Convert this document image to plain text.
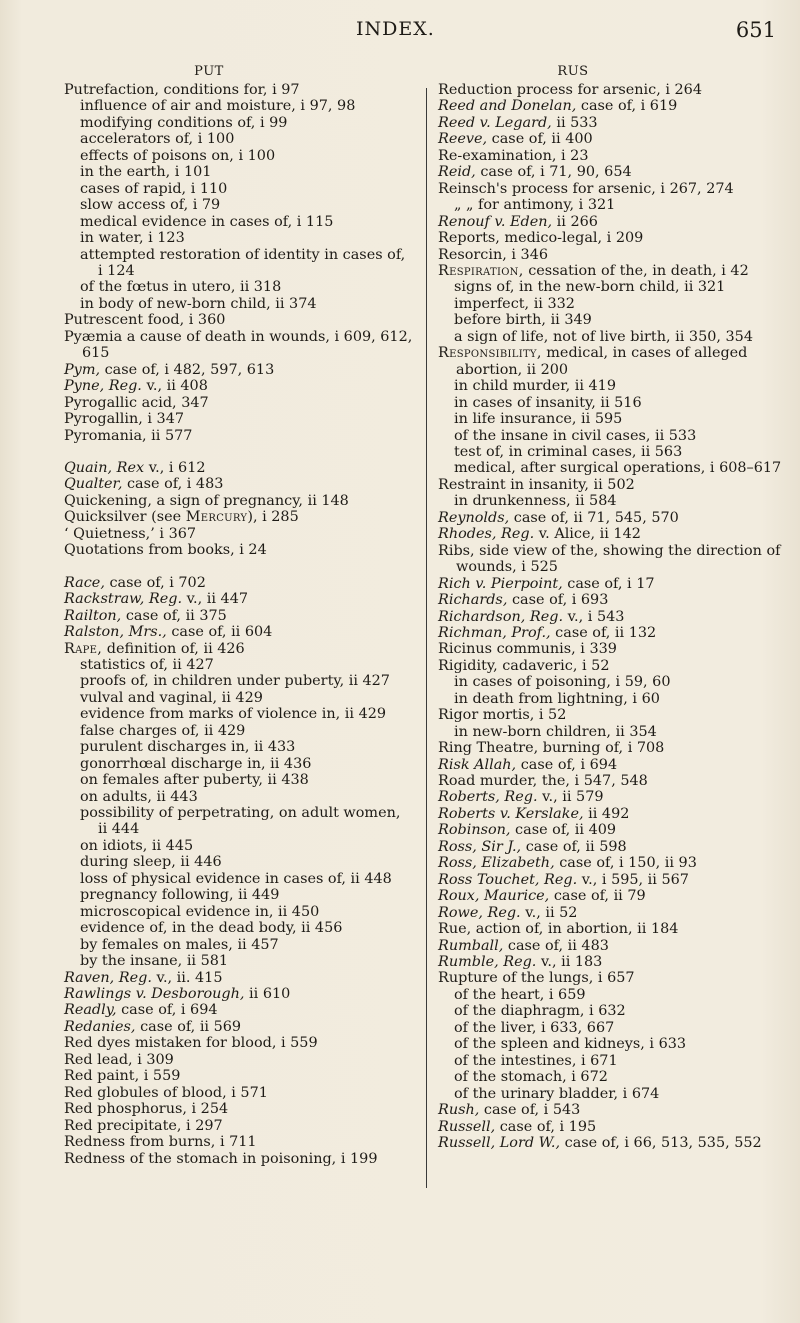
INDEX.	651
PUT
Putrefaction, conditions for, i 97
influence of air and moisture, i 97, 98
modifying conditions of, i 99
accelerators of, i 100
effects of poisons on, i 100
in the earth, i 101
cases of rapid, i 110
slow access of, i 79
medical evidence in cases of, i 115
in water, i 123
attempted restoration of identity in cases of, i 124
of the fœtus in utero, ii 318
in body of new-born child, ii 374
Putrescent food, i 360
Pyæmia a cause of death in wounds, i 609, 612, 615
Pym, case of, i 482, 597, 613
Pyne, Reg. v., ii 408
Pyrogallic acid, 347
Pyrogallin, i 347
Pyromania, ii 577
Quain, Rex v., i 612
Qualter, case of, i 483
Quickening, a sign of pregnancy, ii 148
Quicksilver (see Mercury), i 285
‘ Quietness,’ i 367
Quotations from books, i 24
Race, case of, i 702
Rackstraw, Reg. v., ii 447
Railton, case of, ii 375
Ralston, Mrs., case of, ii 604
Rape, definition of, ii 426
statistics of, ii 427
proofs of, in children under puberty, ii 427
vulval and vaginal, ii 429
evidence from marks of violence in, ii 429
false charges of, ii 429
purulent discharges in, ii 433
gonorrhœal discharge in, ii 436
on females after puberty, ii 438
on adults, ii 443
possibility of perpetrating, on adult women, ii 444
on idiots, ii 445
during sleep, ii 446
loss of physical evidence in cases of, ii 448
pregnancy following, ii 449
microscopical evidence in, ii 450
evidence of, in the dead body, ii 456
by females on males, ii 457
by the insane, ii 581
Raven, Reg. v., ii. 415
Rawlings v. Desborough, ii 610
Readly, case of, i 694
Redanies, case of, ii 569
Red dyes mistaken for blood, i 559
Red lead, i 309
Red paint, i 559
Red globules of blood, i 571
Red phosphorus, i 254
Red precipitate, i 297
Redness from burns, i 711
Redness of the stomach in poisoning, i 199
RUS
Reduction process for arsenic, i 264
Reed and Donelan, case of, i 619
Reed v. Legard, ii 533
Reeve, case of, ii 400
Re-examination, i 23
Reid, case of, i 71, 90, 654
Reinsch's process for arsenic, i 267, 274
„ „ for antimony, i 321
Renouf v. Eden, ii 266
Reports, medico-legal, i 209
Resorcin, i 346
Respiration, cessation of the, in death, i 42
signs of, in the new-born child, ii 321
imperfect, ii 332
before birth, ii 349
a sign of life, not of live birth, ii 350, 354
Responsibility, medical, in cases of alleged abortion, ii 200
in child murder, ii 419
in cases of insanity, ii 516
in life insurance, ii 595
of the insane in civil cases, ii 533
test of, in criminal cases, ii 563
medical, after surgical operations, i 608–617
Restraint in insanity, ii 502
in drunkenness, ii 584
Reynolds, case of, ii 71, 545, 570
Rhodes, Reg. v. Alice, ii 142
Ribs, side view of the, showing the direction of wounds, i 525
Rich v. Pierpoint, case of, i 17
Richards, case of, i 693
Richardson, Reg. v., i 543
Richman, Prof., case of, ii 132
Ricinus communis, i 339
Rigidity, cadaveric, i 52
in cases of poisoning, i 59, 60
in death from lightning, i 60
Rigor mortis, i 52
in new-born children, ii 354
Ring Theatre, burning of, i 708
Risk Allah, case of, i 694
Road murder, the, i 547, 548
Roberts, Reg. v., ii 579
Roberts v. Kerslake, ii 492
Robinson, case of, ii 409
Ross, Sir J., case of, ii 598
Ross, Elizabeth, case of, i 150, ii 93
Ross Touchet, Reg. v., i 595, ii 567
Roux, Maurice, case of, ii 79
Rowe, Reg. v., ii 52
Rue, action of, in abortion, ii 184
Rumball, case of, ii 483
Rumble, Reg. v., ii 183
Rupture of the lungs, i 657
of the heart, i 659
of the diaphragm, i 632
of the liver, i 633, 667
of the spleen and kidneys, i 633
of the intestines, i 671
of the stomach, i 672
of the urinary bladder, i 674
Rush, case of, i 543
Russell, case of, i 195
Russell, Lord W., case of, i 66, 513, 535, 552
